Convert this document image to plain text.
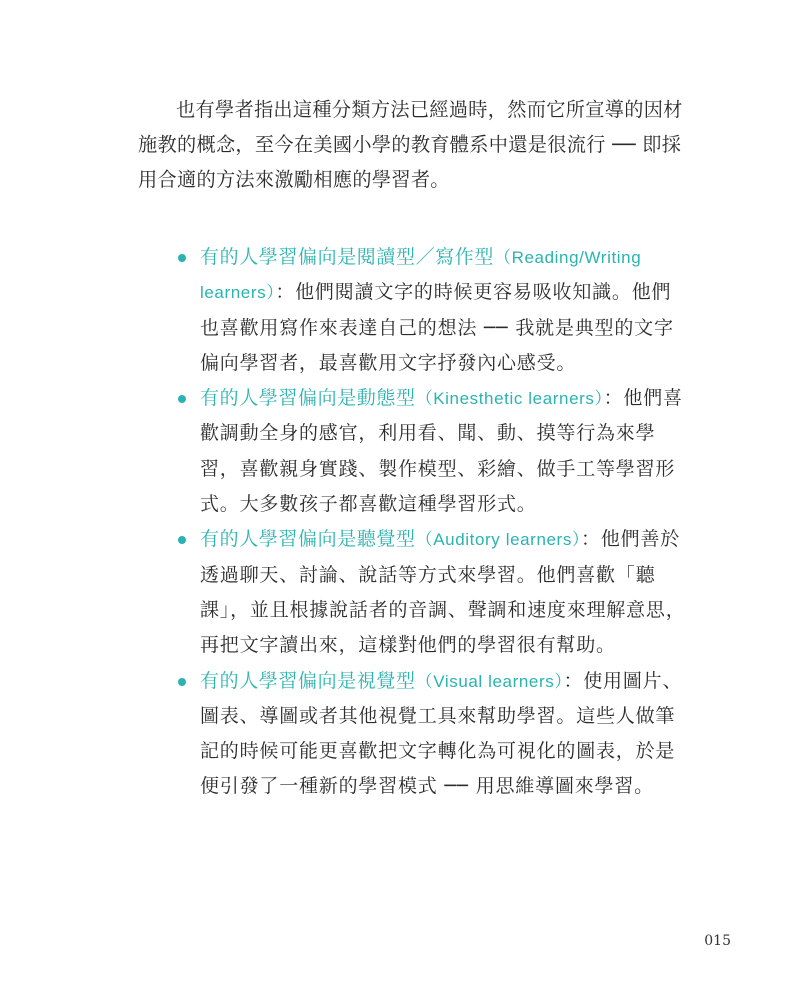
也有學者指出這種分類方法已經過時，然而它所宣導的因材施教的概念，至今在美國小學的教育體系中還是很流行 ── 即採用合適的方法來激勵相應的學習者。

有的人學習偏向是閱讀型／寫作型（Reading/Writing learners）：他們閱讀文字的時候更容易吸收知識。他們也喜歡用寫作來表達自己的想法 ── 我就是典型的文字偏向學習者，最喜歡用文字抒發內心感受。
有的人學習偏向是動態型（Kinesthetic learners）：他們喜歡調動全身的感官，利用看、聞、動、摸等行為來學習，喜歡親身實踐、製作模型、彩繪、做手工等學習形式。大多數孩子都喜歡這種學習形式。
有的人學習偏向是聽覺型（Auditory learners）：他們善於透過聊天、討論、說話等方式來學習。他們喜歡「聽課」，並且根據說話者的音調、聲調和速度來理解意思，再把文字讀出來，這樣對他們的學習很有幫助。
有的人學習偏向是視覺型（Visual learners）：使用圖片、圖表、導圖或者其他視覺工具來幫助學習。這些人做筆記的時候可能更喜歡把文字轉化為可視化的圖表，於是便引發了一種新的學習模式 ── 用思維導圖來學習。
015
